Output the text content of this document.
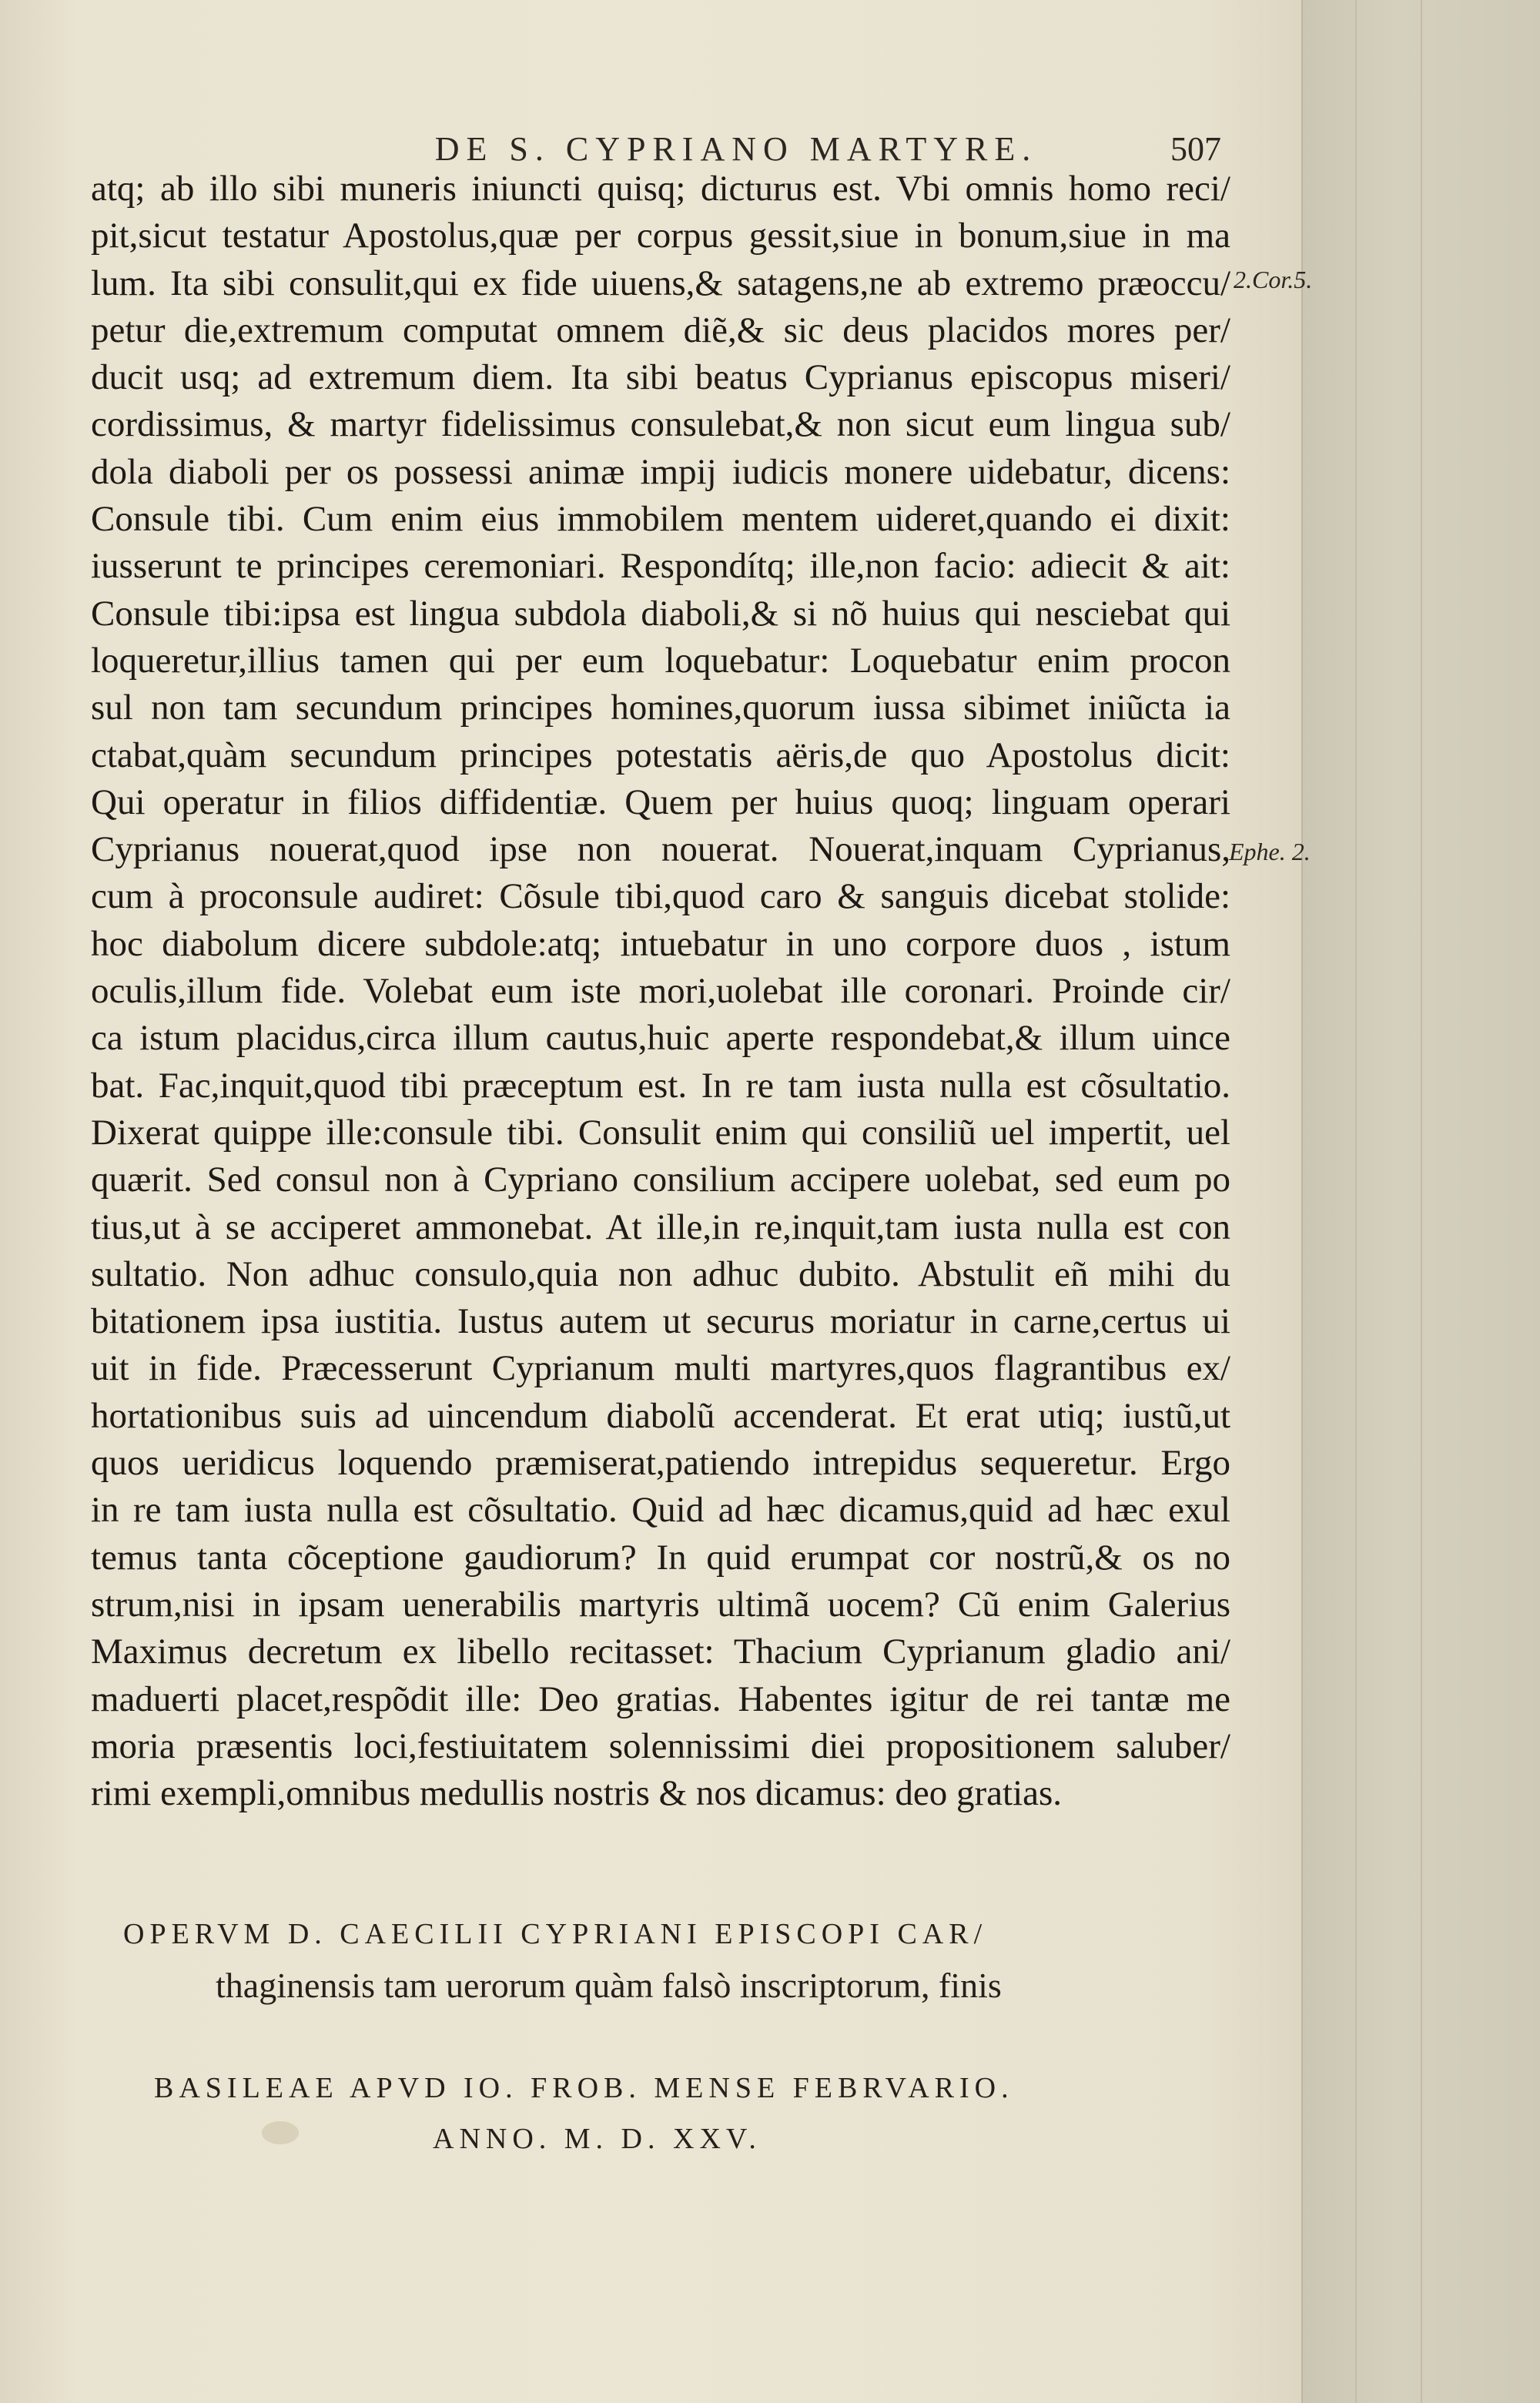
DE S. CYPRIANO MARTYRE.	507
atq; ab illo sibi muneris iniuncti quisq; dicturus est. Vbi omnis homo reci/
pit,sicut testatur Apostolus,quæ per corpus gessit,siue in bonum,siue in ma
lum. Ita sibi consulit,qui ex fide uiuens,& satagens,ne ab extremo præoccu/
petur die,extremum computat omnem diẽ,& sic deus placidos mores per/
ducit usq; ad extremum diem. Ita sibi beatus Cyprianus episcopus miseri/
cordissimus, & martyr fidelissimus consulebat,& non sicut eum lingua sub/
dola diaboli per os possessi animæ impij iudicis monere uidebatur, dicens:
Consule tibi. Cum enim eius immobilem mentem uideret,quando ei dixit:
iusserunt te principes ceremoniari. Respondítq; ille,non facio: adiecit & ait:
Consule tibi:ipsa est lingua subdola diaboli,& si nõ huius qui nesciebat qui
loqueretur,illius tamen qui per eum loquebatur: Loquebatur enim procon
sul non tam secundum principes homines,quorum iussa sibimet iniũcta ia
ctabat,quàm secundum principes potestatis aëris,de quo Apostolus dicit:
Qui operatur in filios diffidentiæ. Quem per huius quoq; linguam operari
Cyprianus nouerat,quod ipse non nouerat. Nouerat,inquam Cyprianus,
cum à proconsule audiret: Cõsule tibi,quod caro & sanguis dicebat stolide:
hoc diabolum dicere subdole:atq; intuebatur in uno corpore duos , istum
oculis,illum fide. Volebat eum iste mori,uolebat ille coronari. Proinde cir/
ca istum placidus,circa illum cautus,huic aperte respondebat,& illum uince
bat. Fac,inquit,quod tibi præceptum est. In re tam iusta nulla est cõsultatio.
Dixerat quippe ille:consule tibi. Consulit enim qui consiliũ uel impertit, uel
quærit. Sed consul non à Cypriano consilium accipere uolebat, sed eum po
tius,ut à se acciperet ammonebat. At ille,in re,inquit,tam iusta nulla est con
sultatio. Non adhuc consulo,quia non adhuc dubito. Abstulit eñ mihi du
bitationem ipsa iustitia. Iustus autem ut securus moriatur in carne,certus ui
uit in fide. Præcesserunt Cyprianum multi martyres,quos flagrantibus ex/
hortationibus suis ad uincendum diabolũ accenderat. Et erat utiq; iustũ,ut
quos ueridicus loquendo præmiserat,patiendo intrepidus sequeretur. Ergo
in re tam iusta nulla est cõsultatio. Quid ad hæc dicamus,quid ad hæc exul
temus tanta cõceptione gaudiorum? In quid erumpat cor nostrũ,& os no
strum,nisi in ipsam uenerabilis martyris ultimã uocem? Cũ enim Galerius
Maximus decretum ex libello recitasset: Thacium Cyprianum gladio ani/
maduerti placet,respõdit ille: Deo gratias. Habentes igitur de rei tantæ me
moria præsentis loci,festiuitatem solennissimi diei propositionem saluber/
rimi exempli,omnibus medullis nostris & nos dicamus: deo gratias.
2.Cor.5.
Ephe. 2.
OPERVM D. CAECILII CYPRIANI EPISCOPI CAR/
thaginensis tam uerorum quàm falsò inscriptorum, finis
BASILEAE APVD IO. FROB. MENSE FEBRVARIO.
ANNO. M. D. XXV.
